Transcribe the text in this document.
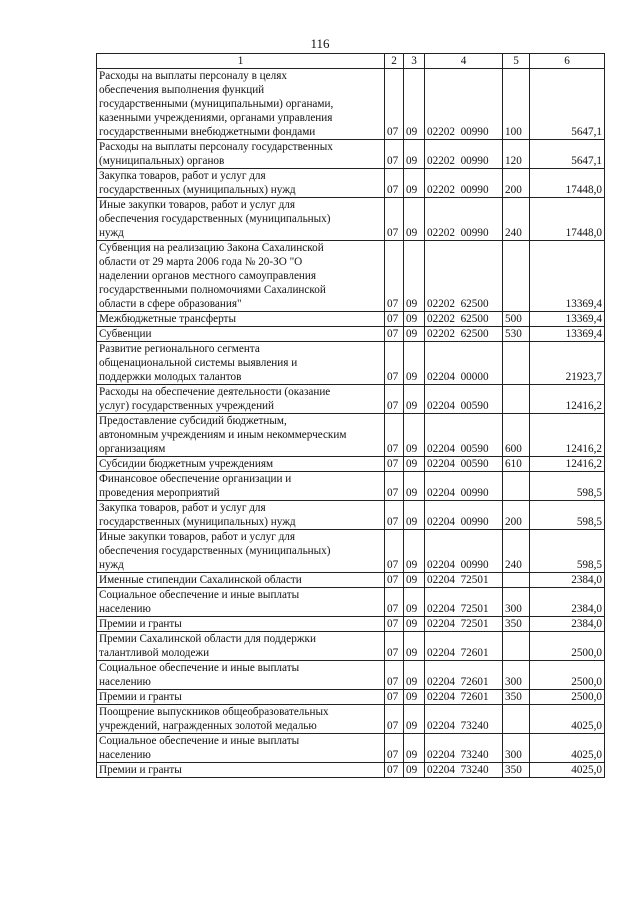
116
1	2	3	4	5	6
Расходы на выплаты персоналу в целях
обеспечения выполнения функций
государственными (муниципальными) органами,
казенными учреждениями, органами управления
государственными внебюджетными фондами	07	09	02202  00990	100	5647,1
Расходы на выплаты персоналу государственных
(муниципальных) органов	07	09	02202  00990	120	5647,1
Закупка товаров, работ и услуг для
государственных (муниципальных) нужд	07	09	02202  00990	200	17448,0
Иные закупки товаров, работ и услуг для
обеспечения государственных (муниципальных)
нужд	07	09	02202  00990	240	17448,0
Субвенция на реализацию Закона Сахалинской
области от 29 марта 2006 года № 20-ЗО "О
наделении органов местного самоуправления
государственными полномочиями Сахалинской
области в сфере образования"	07	09	02202  62500		13369,4
Межбюджетные трансферты	07	09	02202  62500	500	13369,4
Субвенции	07	09	02202  62500	530	13369,4
Развитие регионального сегмента
общенациональной системы выявления и
поддержки молодых талантов	07	09	02204  00000		21923,7
Расходы на обеспечение деятельности (оказание
услуг) государственных учреждений	07	09	02204  00590		12416,2
Предоставление субсидий бюджетным,
автономным учреждениям и иным некоммерческим
организациям	07	09	02204  00590	600	12416,2
Субсидии бюджетным учреждениям	07	09	02204  00590	610	12416,2
Финансовое обеспечение организации и
проведения мероприятий	07	09	02204  00990		598,5
Закупка товаров, работ и услуг для
государственных (муниципальных) нужд	07	09	02204  00990	200	598,5
Иные закупки товаров, работ и услуг для
обеспечения государственных (муниципальных)
нужд	07	09	02204  00990	240	598,5
Именные стипендии Сахалинской области	07	09	02204  72501		2384,0
Социальное обеспечение и иные выплаты
населению	07	09	02204  72501	300	2384,0
Премии и гранты	07	09	02204  72501	350	2384,0
Премии Сахалинской области для поддержки
талантливой молодежи	07	09	02204  72601		2500,0
Социальное обеспечение и иные выплаты
населению	07	09	02204  72601	300	2500,0
Премии и гранты	07	09	02204  72601	350	2500,0
Поощрение выпускников общеобразовательных
учреждений, награжденных золотой медалью	07	09	02204  73240		4025,0
Социальное обеспечение и иные выплаты
населению	07	09	02204  73240	300	4025,0
Премии и гранты	07	09	02204  73240	350	4025,0
